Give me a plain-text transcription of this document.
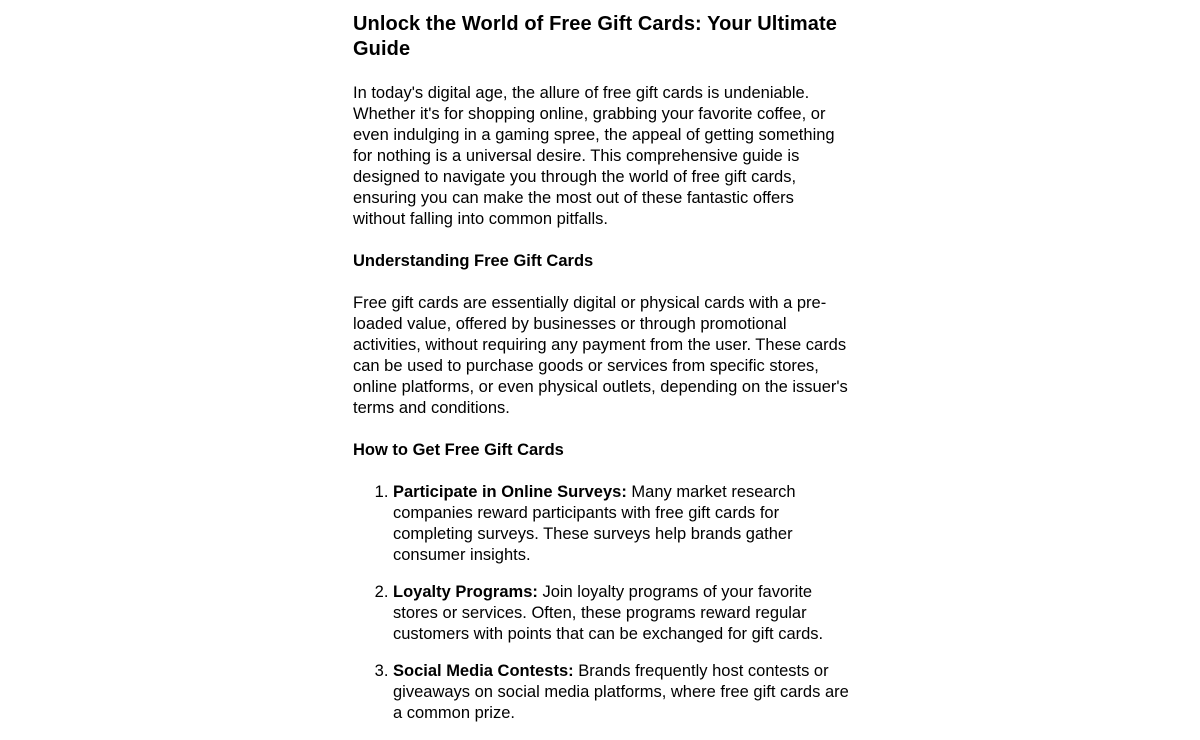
Unlock the World of Free Gift Cards: Your Ultimate Guide

In today's digital age, the allure of free gift cards is undeniable. Whether it's for shopping online, grabbing your favorite coffee, or even indulging in a gaming spree, the appeal of getting something for nothing is a universal desire. This comprehensive guide is designed to navigate you through the world of free gift cards, ensuring you can make the most out of these fantastic offers without falling into common pitfalls.

Understanding Free Gift Cards

Free gift cards are essentially digital or physical cards with a pre-loaded value, offered by businesses or through promotional activities, without requiring any payment from the user. These cards can be used to purchase goods or services from specific stores, online platforms, or even physical outlets, depending on the issuer's terms and conditions.

How to Get Free Gift Cards
1. Participate in Online Surveys: Many market research companies reward participants with free gift cards for completing surveys. These surveys help brands gather consumer insights.
2. Loyalty Programs: Join loyalty programs of your favorite stores or services. Often, these programs reward regular customers with points that can be exchanged for gift cards.
3. Social Media Contests: Brands frequently host contests or giveaways on social media platforms, where free gift cards are a common prize.
